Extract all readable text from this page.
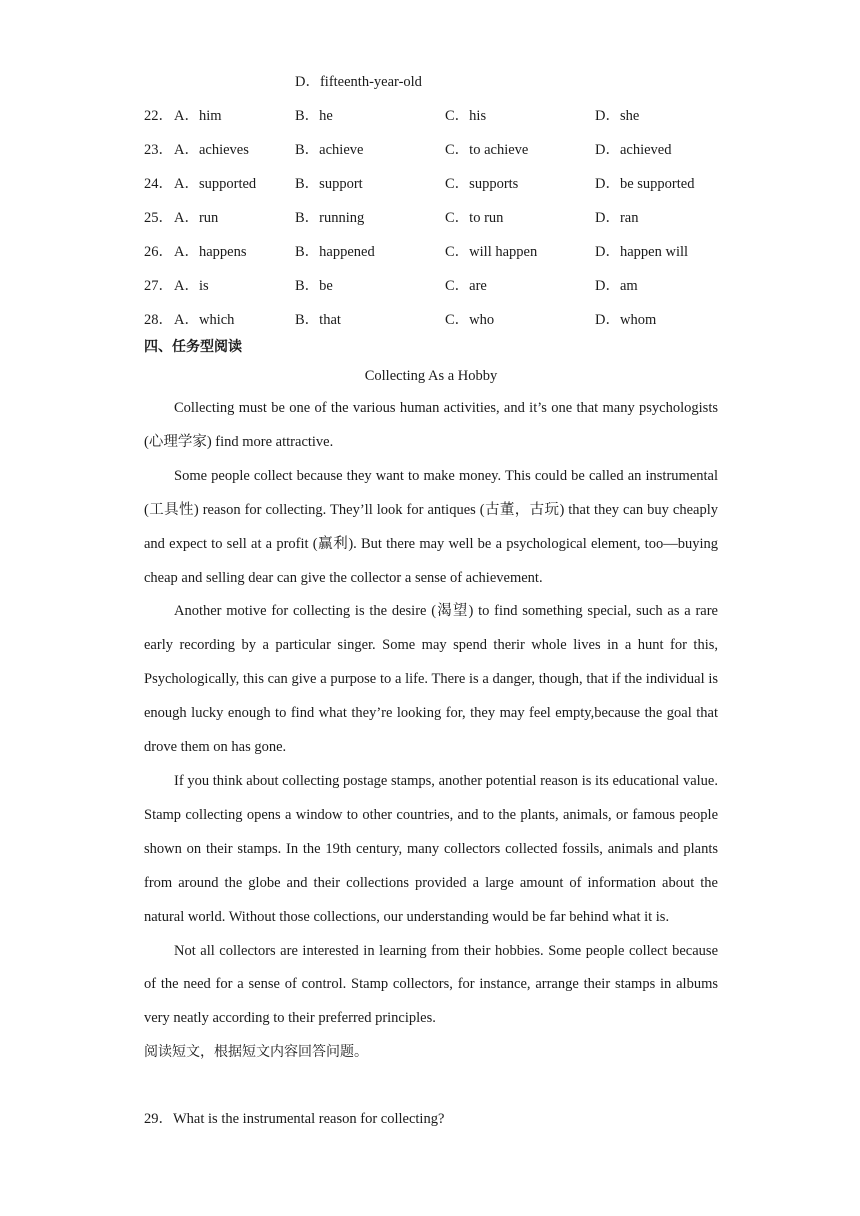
D．fifteenth-year-old
22． A．him	B．he	C．his	D．she
23． A．achieves	B．achieve	C．to achieve	D．achieved
24． A．supported	B．support	C．supports	D．be supported
25． A．run	B．running	C．to run	D．ran
26． A．happens	B．happened	C．will happen	D．happen will
27． A．is	B．be	C．are	D．am
28． A．which	B．that	C．who	D．whom
四、任务型阅读
Collecting As a Hobby

Collecting must be one of the various human activities, and it’s one that many psychologists (心理学家) find more attractive.

Some people collect because they want to make money. This could be called an instrumental (工具性) reason for collecting. They’ll look for antiques (古董，古玩) that they can buy cheaply and expect to sell at a profit (赢利). But there may well be a psychological element, too—buying cheap and selling dear can give the collector a sense of achievement.

Another motive for collecting is the desire (渴望) to find something special, such as a rare early recording by a particular singer. Some may spend therir whole lives in a hunt for this, Psychologically, this can give a purpose to a life. There is a danger, though, that if the individual is enough lucky enough to find what they’re looking for, they may feel empty,because the goal that drove them on has gone.

If you think about collecting postage stamps, another potential reason is its educational value. Stamp collecting opens a window to other countries, and to the plants, animals, or famous people shown on their stamps. In the 19th century, many collectors collected fossils, animals and plants from around the globe and their collections provided a large amount of information about the natural world. Without those collections, our understanding would be far behind what it is.

Not all collectors are interested in learning from their hobbies. Some people collect because of the need for a sense of control. Stamp collectors, for instance, arrange their stamps in albums very neatly according to their preferred principles.

阅读短文，根据短文内容回答问题。
29．What is the instrumental reason for collecting?
